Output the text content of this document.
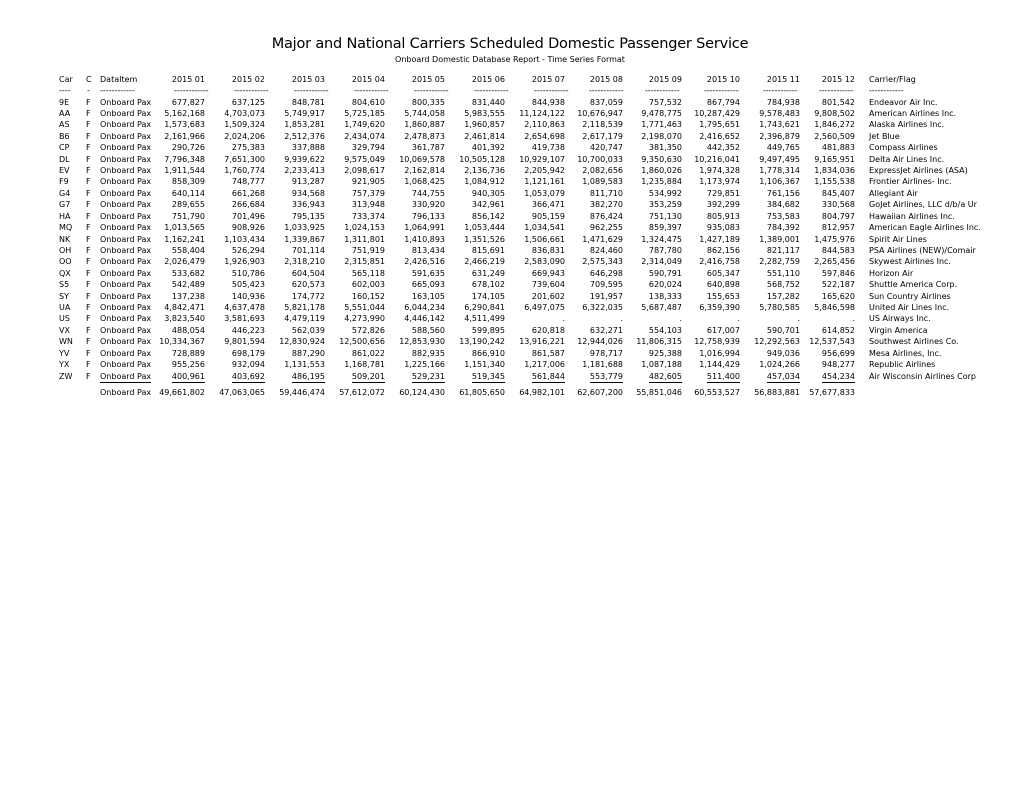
Major and National Carriers Scheduled Domestic Passenger Service
Onboard Domestic Database Report - Time Series Format
Car C DataItem	2015 01	2015 02	2015 03	2015 04	2015 05	2015 06	2015 07	2015 08	2015 09	2015 10	2015 11	2015 12 Carrier/Flag
---- - ------------	------------	------------	------------	------------	------------	------------	------------	------------	------------	------------	------------	------------ ------------
9E F Onboard Pax	677,827	637,125	848,781	804,610	800,335	831,440	844,938	837,059	757,532	867,794	784,938	801,542 Endeavor Air Inc.
AA F Onboard Pax 5,162,168 4,703,073 5,749,917 5,725,185 5,744,058 5,983,555 11,124,122 10,676,947 9,478,775 10,287,429 9,578,483 9,808,502 American Airlines Inc.
AS F Onboard Pax 1,573,683 1,509,324 1,853,281 1,749,620 1,860,887 1,960,857 2,110,863 2,118,539 1,771,463 1,795,651 1,743,621 1,846,272 Alaska Airlines Inc.
B6 F Onboard Pax 2,161,966 2,024,206 2,512,376 2,434,074 2,478,873 2,461,814 2,654,698 2,617,179 2,198,070 2,416,652 2,396,879 2,560,509 Jet Blue
CP F Onboard Pax	290,726	275,383	337,888	329,794	361,787	401,392	419,738	420,747	381,350	442,352	449,765	481,883 Compass Airlines
DL F Onboard Pax 7,796,348 7,651,300 9,939,622 9,575,049 10,069,578 10,505,128 10,929,107 10,700,033 9,350,630 10,216,041 9,497,495 9,165,951 Delta Air Lines Inc.
EV F Onboard Pax 1,911,544 1,760,774 2,233,413 2,098,617 2,162,814 2,136,736 2,205,942 2,082,656 1,860,026 1,974,328 1,778,314 1,834,036 ExpressJet Airlines (ASA)
F9 F Onboard Pax	858,309	748,777	913,287	921,905 1,068,425 1,084,912 1,121,161 1,089,583 1,235,884 1,173,974 1,106,367 1,155,538 Frontier Airlines- Inc.
G4 F Onboard Pax	640,114	661,268	934,568	757,379	744,755	940,305 1,053,079	811,710	534,992	729,851	761,156	845,407 Allegiant Air
G7 F Onboard Pax	289,655	266,684	336,943	313,948	330,920	342,961	366,471	382,270	353,259	392,299	384,682	330,568 GoJet Airlines, LLC d/b/a Ur
HA F Onboard Pax	751,790	701,496	795,135	733,374	796,133	856,142	905,159	876,424	751,130	805,913	753,583	804,797 Hawaiian Airlines Inc.
MQ F Onboard Pax 1,013,565	908,926 1,033,925 1,024,153 1,064,991 1,053,444 1,034,541	962,255	859,397	935,083	784,392	812,957 American Eagle Airlines Inc.
NK F Onboard Pax 1,162,241 1,103,434 1,339,867 1,311,801 1,410,893 1,351,526 1,506,661 1,471,629 1,324,475 1,427,189 1,389,001 1,475,976 Spirit Air Lines
OH F Onboard Pax	558,404	526,294	701,114	751,919	813,434	815,691	836,831	824,460	787,780	862,156	821,117	844,583 PSA Airlines (NEW)/Comair
OO F Onboard Pax 2,026,479 1,926,903 2,318,210 2,315,851 2,426,516 2,466,219 2,583,090 2,575,343 2,314,049 2,416,758 2,282,759 2,265,456 Skywest Airlines Inc.
QX F Onboard Pax	533,682	510,786	604,504	565,118	591,635	631,249	669,943	646,298	590,791	605,347	551,110	597,846 Horizon Air
S5 F Onboard Pax	542,489	505,423	620,573	602,003	665,093	678,102	739,604	709,595	620,024	640,898	568,752	522,187 Shuttle America Corp.
SY F Onboard Pax	137,238	140,936	174,772	160,152	163,105	174,105	201,602	191,957	138,333	155,653	157,282	165,620 Sun Country Airlines
UA F Onboard Pax 4,842,471 4,637,478 5,821,178 5,551,044 6,044,234 6,290,841 6,497,075 6,322,035 5,687,487 6,359,390 5,780,585 5,846,598 United Air Lines Inc.
US F Onboard Pax 3,823,540 3,581,693 4,479,119 4,273,990 4,446,142 4,511,499	.	.	.	.	.	. US Airways Inc.
VX F Onboard Pax	488,054	446,223	562,039	572,826	588,560	599,895	620,818	632,271	554,103	617,007	590,701	614,852 Virgin America
WN F Onboard Pax 10,334,367 9,801,594 12,830,924 12,500,656 12,853,930 13,190,242 13,916,221 12,944,026 11,806,315 12,758,939 12,292,563 12,537,543 Southwest Airlines Co.
YV F Onboard Pax	728,889	698,179	887,290	861,022	882,935	866,910	861,587	978,717	925,388 1,016,994	949,036	956,699 Mesa Airlines, Inc.
YX F Onboard Pax	955,256	932,094 1,131,553 1,168,781 1,225,166 1,151,340 1,217,006 1,181,688 1,087,188 1,144,429 1,024,266	948,277 Republic Airlines
ZW F Onboard Pax	400,961	403,692	486,195	509,201	529,231	519,345	561,844	553,779	482,605	511,400	457,034	454,234 Air Wisconsin Airlines Corp
Onboard Pax 49,661,802 47,063,065 59,446,474 57,612,072 60,124,430 61,805,650 64,982,101 62,607,200 55,851,046 60,553,527 56,883,881 57,677,833
